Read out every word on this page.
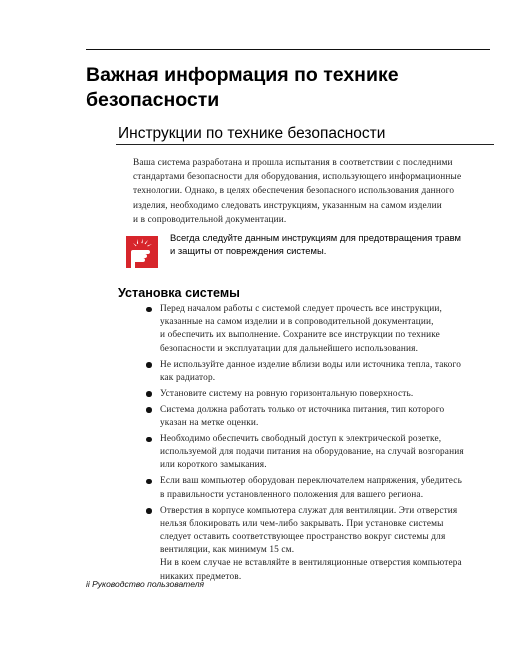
Важная информация по технике
безопасности
Инструкции по технике безопасности

Ваша система разработана и прошла испытания в соответствии с последними
стандартами безопасности для оборудования, использующего информационные
технологии. Однако, в целях обеспечения безопасного использования данного
изделия, необходимо следовать инструкциям, указанным на самом изделии
и в сопроводительной документации.

Всегда следуйте данным инструкциям для предотвращения травм
и защиты от повреждения системы.

Установка системы
Перед началом работы с системой следует прочесть все инструкции,
указанные на самом изделии и в сопроводительной документации,
и обеспечить их выполнение. Сохраните все инструкции по технике
безопасности и эксплуатации для дальнейшего использования.
Не используйте данное изделие вблизи воды или источника тепла, такого
как радиатор.
Установите систему на ровную горизонтальную поверхность.
Система должна работать только от источника питания, тип которого
указан на метке оценки.
Необходимо обеспечить свободный доступ к электрической розетке,
используемой для подачи питания на оборудование, на случай возгорания
или короткого замыкания.
Если ваш компьютер оборудован переключателем напряжения, убедитесь
в правильности установленного положения для вашего региона.
Отверстия в корпусе компьютера служат для вентиляции. Эти отверстия
нельзя блокировать или чем-либо закрывать. При установке системы
следует оставить соответствующее пространство вокруг системы для
вентиляции, как минимум 15 см.
Ни в коем случае не вставляйте в вентиляционные отверстия компьютера
никаких предметов.

ii Руководство пользователя
